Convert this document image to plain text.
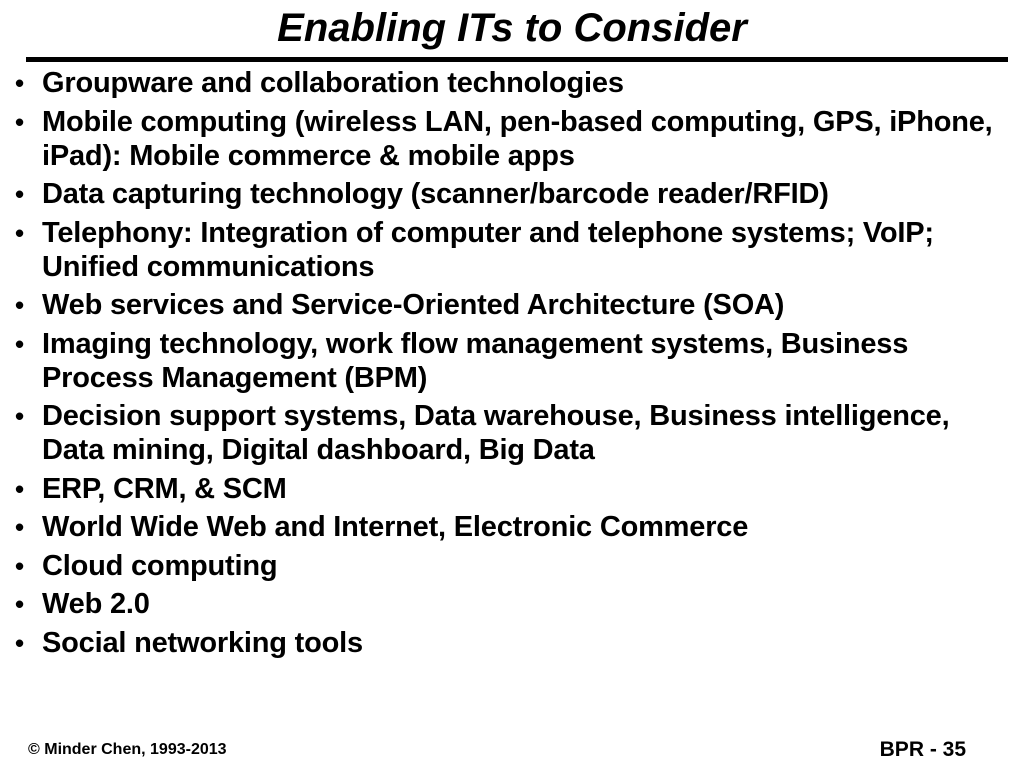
Enabling ITs to Consider
• Groupware and collaboration technologies
• Mobile computing (wireless LAN, pen-based computing, GPS, iPhone, iPad): Mobile commerce & mobile apps
• Data capturing technology (scanner/barcode reader/RFID)
• Telephony: Integration of computer and telephone systems; VoIP; Unified communications
• Web services and Service-Oriented Architecture (SOA)
• Imaging technology, work flow management systems, Business Process Management (BPM)
• Decision support systems, Data warehouse, Business intelligence, Data mining, Digital dashboard, Big Data
• ERP, CRM, & SCM
• World Wide Web and Internet, Electronic Commerce
• Cloud computing
• Web 2.0
• Social networking tools
© Minder Chen, 1993-2013	BPR - 35
